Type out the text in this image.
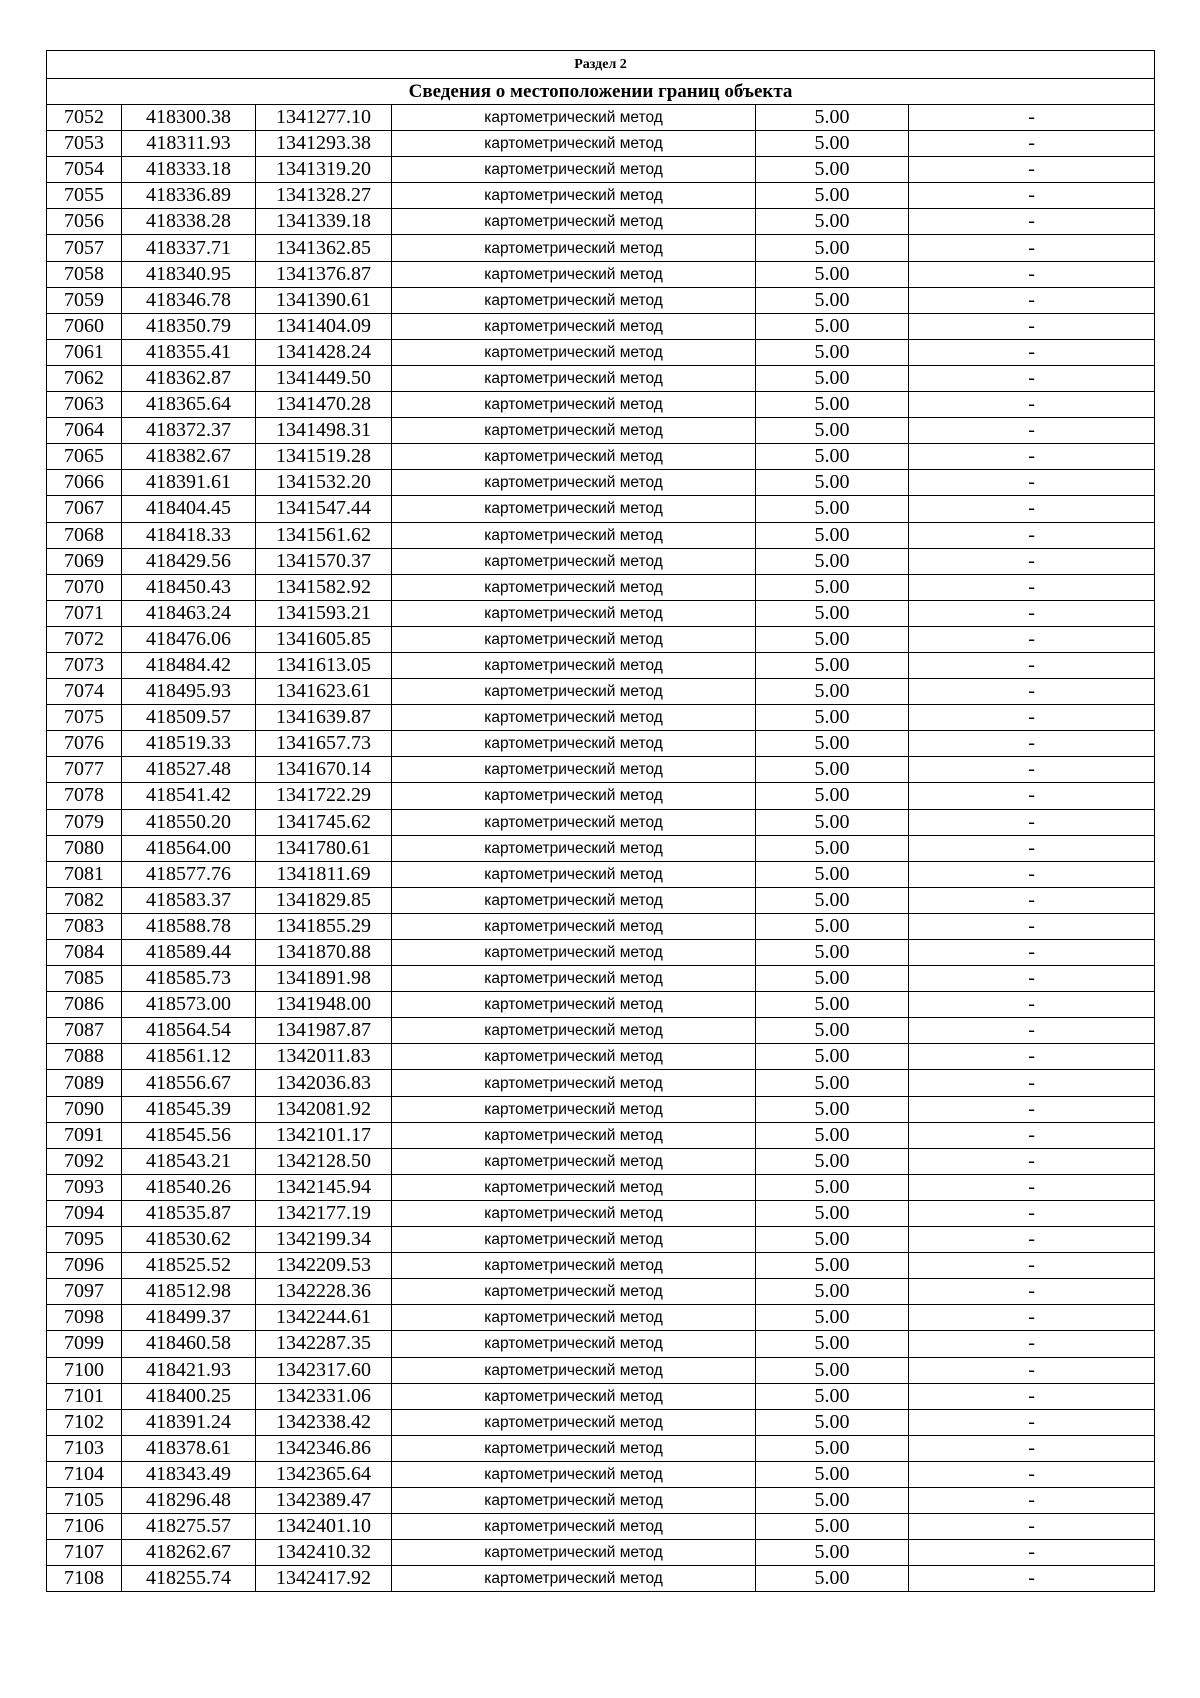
Раздел 2					
Сведения о местоположении границ объекта					
7052	418300.38	1341277.10	картометрический метод	5.00	-
7053	418311.93	1341293.38	картометрический метод	5.00	-
7054	418333.18	1341319.20	картометрический метод	5.00	-
7055	418336.89	1341328.27	картометрический метод	5.00	-
7056	418338.28	1341339.18	картометрический метод	5.00	-
7057	418337.71	1341362.85	картометрический метод	5.00	-
7058	418340.95	1341376.87	картометрический метод	5.00	-
7059	418346.78	1341390.61	картометрический метод	5.00	-
7060	418350.79	1341404.09	картометрический метод	5.00	-
7061	418355.41	1341428.24	картометрический метод	5.00	-
7062	418362.87	1341449.50	картометрический метод	5.00	-
7063	418365.64	1341470.28	картометрический метод	5.00	-
7064	418372.37	1341498.31	картометрический метод	5.00	-
7065	418382.67	1341519.28	картометрический метод	5.00	-
7066	418391.61	1341532.20	картометрический метод	5.00	-
7067	418404.45	1341547.44	картометрический метод	5.00	-
7068	418418.33	1341561.62	картометрический метод	5.00	-
7069	418429.56	1341570.37	картометрический метод	5.00	-
7070	418450.43	1341582.92	картометрический метод	5.00	-
7071	418463.24	1341593.21	картометрический метод	5.00	-
7072	418476.06	1341605.85	картометрический метод	5.00	-
7073	418484.42	1341613.05	картометрический метод	5.00	-
7074	418495.93	1341623.61	картометрический метод	5.00	-
7075	418509.57	1341639.87	картометрический метод	5.00	-
7076	418519.33	1341657.73	картометрический метод	5.00	-
7077	418527.48	1341670.14	картометрический метод	5.00	-
7078	418541.42	1341722.29	картометрический метод	5.00	-
7079	418550.20	1341745.62	картометрический метод	5.00	-
7080	418564.00	1341780.61	картометрический метод	5.00	-
7081	418577.76	1341811.69	картометрический метод	5.00	-
7082	418583.37	1341829.85	картометрический метод	5.00	-
7083	418588.78	1341855.29	картометрический метод	5.00	-
7084	418589.44	1341870.88	картометрический метод	5.00	-
7085	418585.73	1341891.98	картометрический метод	5.00	-
7086	418573.00	1341948.00	картометрический метод	5.00	-
7087	418564.54	1341987.87	картометрический метод	5.00	-
7088	418561.12	1342011.83	картометрический метод	5.00	-
7089	418556.67	1342036.83	картометрический метод	5.00	-
7090	418545.39	1342081.92	картометрический метод	5.00	-
7091	418545.56	1342101.17	картометрический метод	5.00	-
7092	418543.21	1342128.50	картометрический метод	5.00	-
7093	418540.26	1342145.94	картометрический метод	5.00	-
7094	418535.87	1342177.19	картометрический метод	5.00	-
7095	418530.62	1342199.34	картометрический метод	5.00	-
7096	418525.52	1342209.53	картометрический метод	5.00	-
7097	418512.98	1342228.36	картометрический метод	5.00	-
7098	418499.37	1342244.61	картометрический метод	5.00	-
7099	418460.58	1342287.35	картометрический метод	5.00	-
7100	418421.93	1342317.60	картометрический метод	5.00	-
7101	418400.25	1342331.06	картометрический метод	5.00	-
7102	418391.24	1342338.42	картометрический метод	5.00	-
7103	418378.61	1342346.86	картометрический метод	5.00	-
7104	418343.49	1342365.64	картометрический метод	5.00	-
7105	418296.48	1342389.47	картометрический метод	5.00	-
7106	418275.57	1342401.10	картометрический метод	5.00	-
7107	418262.67	1342410.32	картометрический метод	5.00	-
7108	418255.74	1342417.92	картометрический метод	5.00	-
